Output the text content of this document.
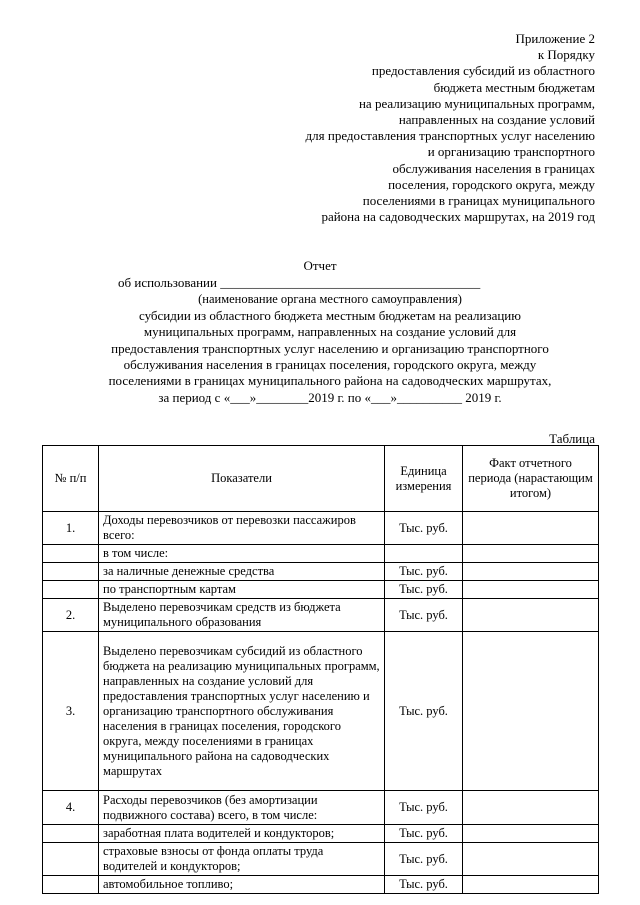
Приложение 2
к Порядку
предоставления субсидий из областного
бюджета местным бюджетам
на реализацию муниципальных программ,
направленных на создание условий
для предоставления транспортных услуг населению
и организацию транспортного
обслуживания населения в границах
поселения, городского округа, между
поселениями в границах муниципального
района на садоводческих маршрутах, на 2019 год
Отчет
об использовании ________________________________________
(наименование органа местного самоуправления)
субсидии из областного бюджета местным бюджетам на реализацию
муниципальных программ, направленных на создание условий для
предоставления транспортных услуг населению и организацию транспортного
обслуживания населения в границах поселения, городского округа, между
поселениями в границах муниципального района на садоводческих маршрутах,
за период с «___»________2019 г. по «___»__________ 2019 г.
Таблица
№ п/п	Показатели	Единица измерения	Факт отчетного периода (нарастающим итогом)
1.	Доходы перевозчиков от перевозки пассажиров всего:	Тыс. руб.	
	в том числе:		
	за наличные денежные средства	Тыс. руб.	
	по транспортным картам	Тыс. руб.	
2.	Выделено перевозчикам средств из бюджета муниципального образования	Тыс. руб.	
3.	Выделено перевозчикам субсидий из областного бюджета на реализацию муниципальных программ, направленных на создание условий для предоставления транспортных услуг населению и организацию транспортного обслуживания населения в границах поселения, городского округа, между поселениями в границах муниципального района на садоводческих маршрутах	Тыс. руб.	
4.	Расходы перевозчиков (без амортизации подвижного состава) всего, в том числе:	Тыс. руб.	
	заработная плата водителей и кондукторов;	Тыс. руб.	
	страховые взносы от фонда оплаты труда водителей и кондукторов;	Тыс. руб.	
	автомобильное топливо;	Тыс. руб.	
